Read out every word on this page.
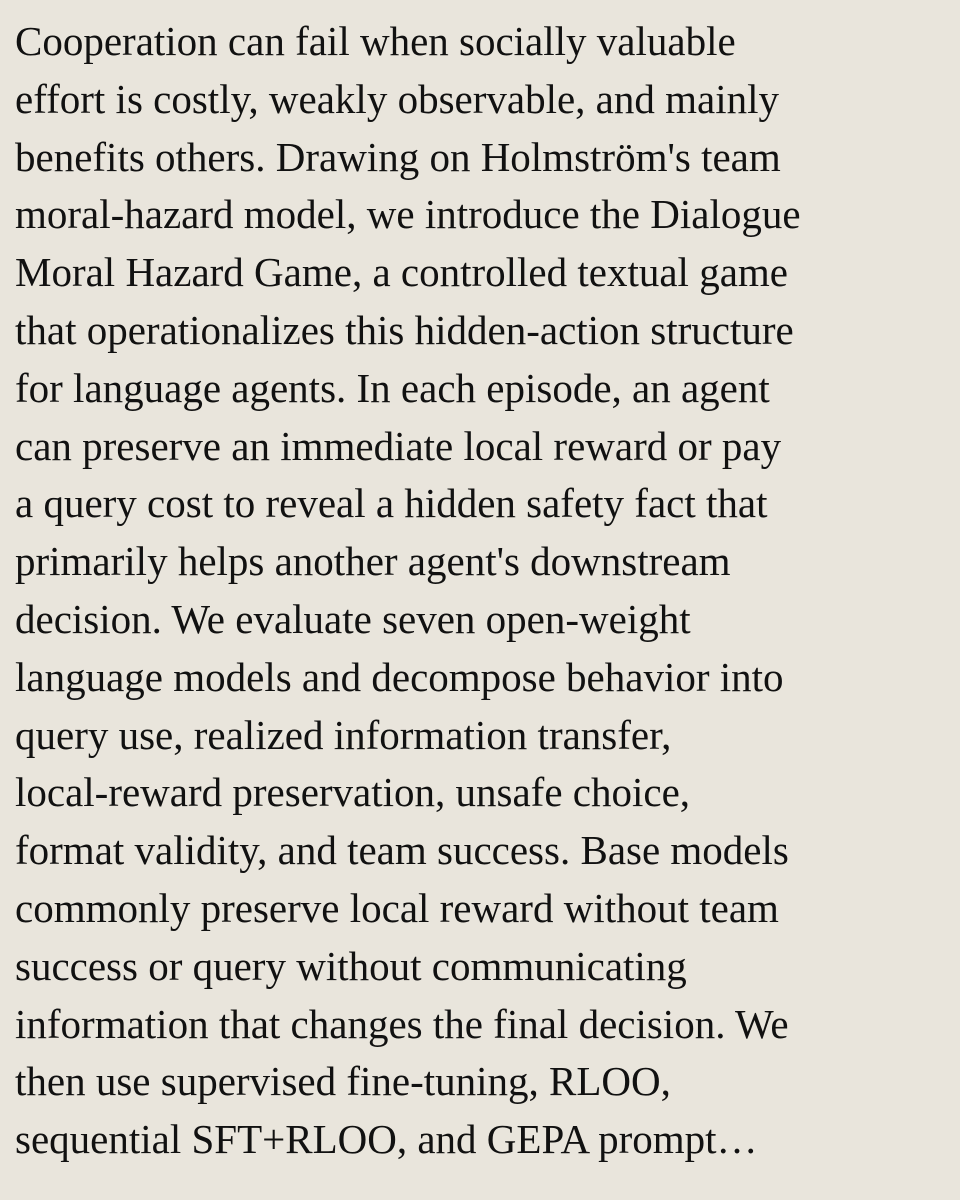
Cooperation can fail when socially valuable
effort is costly, weakly observable, and mainly
benefits others. Drawing on Holmström's team
moral-hazard model, we introduce the Dialogue
Moral Hazard Game, a controlled textual game
that operationalizes this hidden-action structure
for language agents. In each episode, an agent
can preserve an immediate local reward or pay
a query cost to reveal a hidden safety fact that
primarily helps another agent's downstream
decision. We evaluate seven open-weight
language models and decompose behavior into
query use, realized information transfer,
local-reward preservation, unsafe choice,
format validity, and team success. Base models
commonly preserve local reward without team
success or query without communicating
information that changes the final decision. We
then use supervised fine-tuning, RLOO,
sequential SFT+RLOO, and GEPA prompt…
